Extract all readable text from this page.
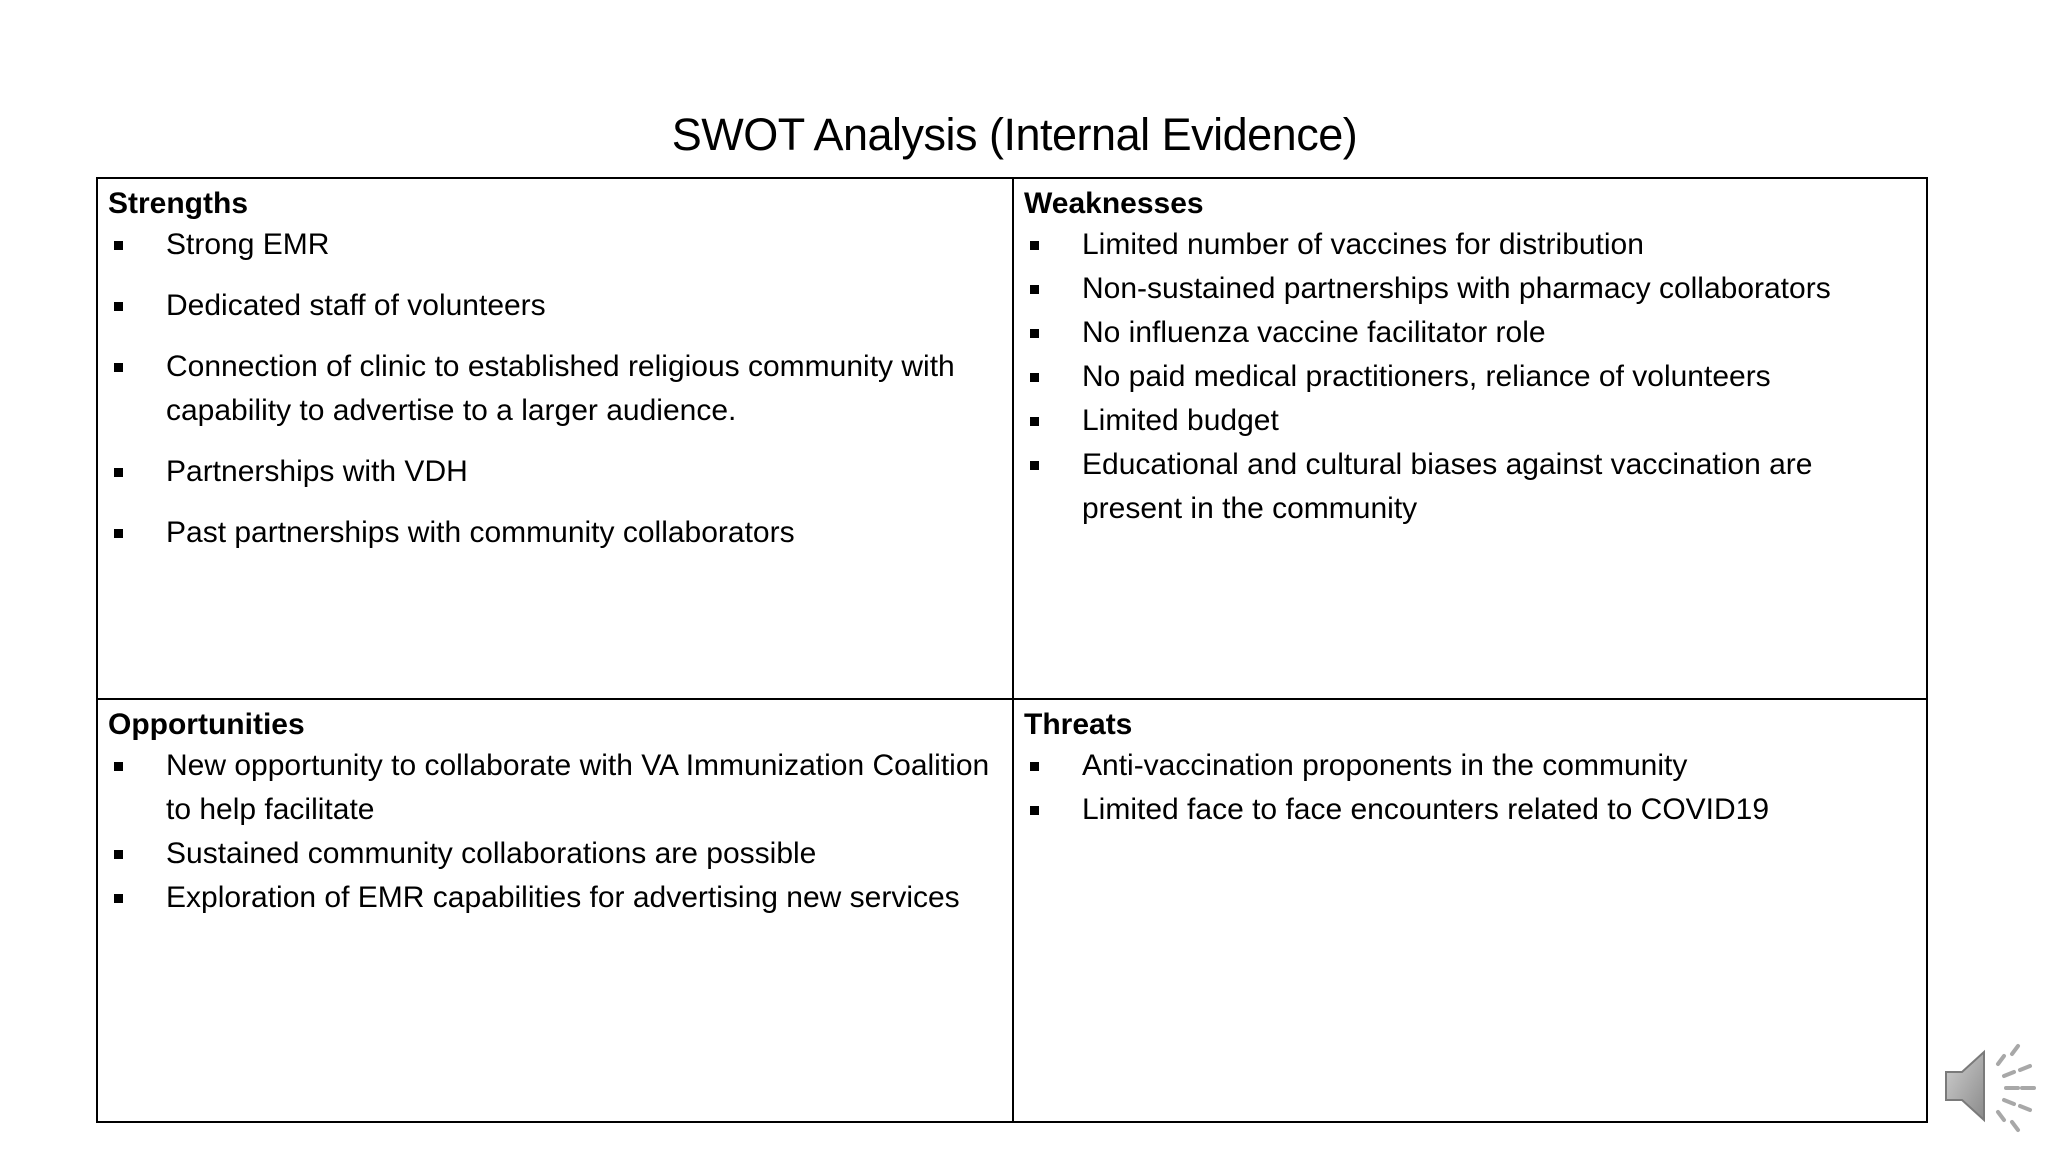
SWOT Analysis (Internal Evidence)
Strengths
Strong EMR
Dedicated staff of volunteers
Connection of clinic to established religious community with capability to advertise to a larger audience.
Partnerships with VDH
Past partnerships with community collaborators
Weaknesses
Limited number of vaccines for distribution
Non-sustained partnerships with pharmacy collaborators
No influenza vaccine facilitator role
No paid medical practitioners, reliance of volunteers
Limited budget
Educational and cultural biases against vaccination are present in the community
Opportunities
New opportunity to collaborate with VA Immunization Coalition to help facilitate
Sustained community collaborations are possible
Exploration of EMR capabilities for advertising new services
Threats
Anti-vaccination proponents in the community
Limited face to face encounters related to COVID19
